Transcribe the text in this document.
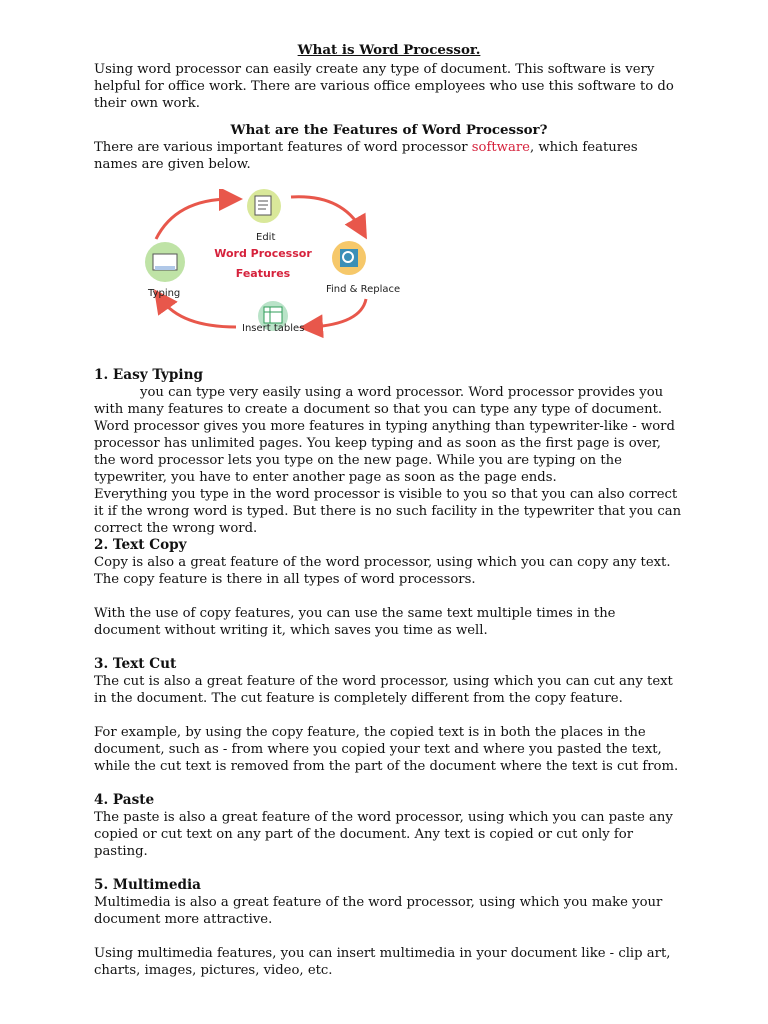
What is Word Processor.

Using word processor can easily create any type of document. This software is very helpful for office work. There are various office employees who use this software to do their own work.

What are the Features of Word Processor?

There are various important features of word processor software, which features names are given below.

Edit
Find & Replace
Insert tables
Typing
Word Processor
Features

1. Easy Typing

you can type very easily using a word processor. Word processor provides you with many features to create a document so that you can type any type of document. Word processor gives you more features in typing anything than typewriter-like - word processor has unlimited pages. You keep typing and as soon as the first page is over, the word processor lets you type on the new page. While you are typing on the typewriter, you have to enter another page as soon as the page ends.

Everything you type in the word processor is visible to you so that you can also correct it if the wrong word is typed. But there is no such facility in the typewriter that you can correct the wrong word.

2. Text Copy

Copy is also a great feature of the word processor, using which you can copy any text. The copy feature is there in all types of word processors.

With the use of copy features, you can use the same text multiple times in the document without writing it, which saves you time as well.

3. Text Cut

The cut is also a great feature of the word processor, using which you can cut any text in the document. The cut feature is completely different from the copy feature.

For example, by using the copy feature, the copied text is in both the places in the document, such as - from where you copied your text and where you pasted the text, while the cut text is removed from the part of the document where the text is cut from.

4. Paste

The paste is also a great feature of the word processor, using which you can paste any copied or cut text on any part of the document. Any text is copied or cut only for pasting.

5. Multimedia

Multimedia is also a great feature of the word processor, using which you make your document more attractive.

Using multimedia features, you can insert multimedia in your document like - clip art, charts, images, pictures, video, etc.
